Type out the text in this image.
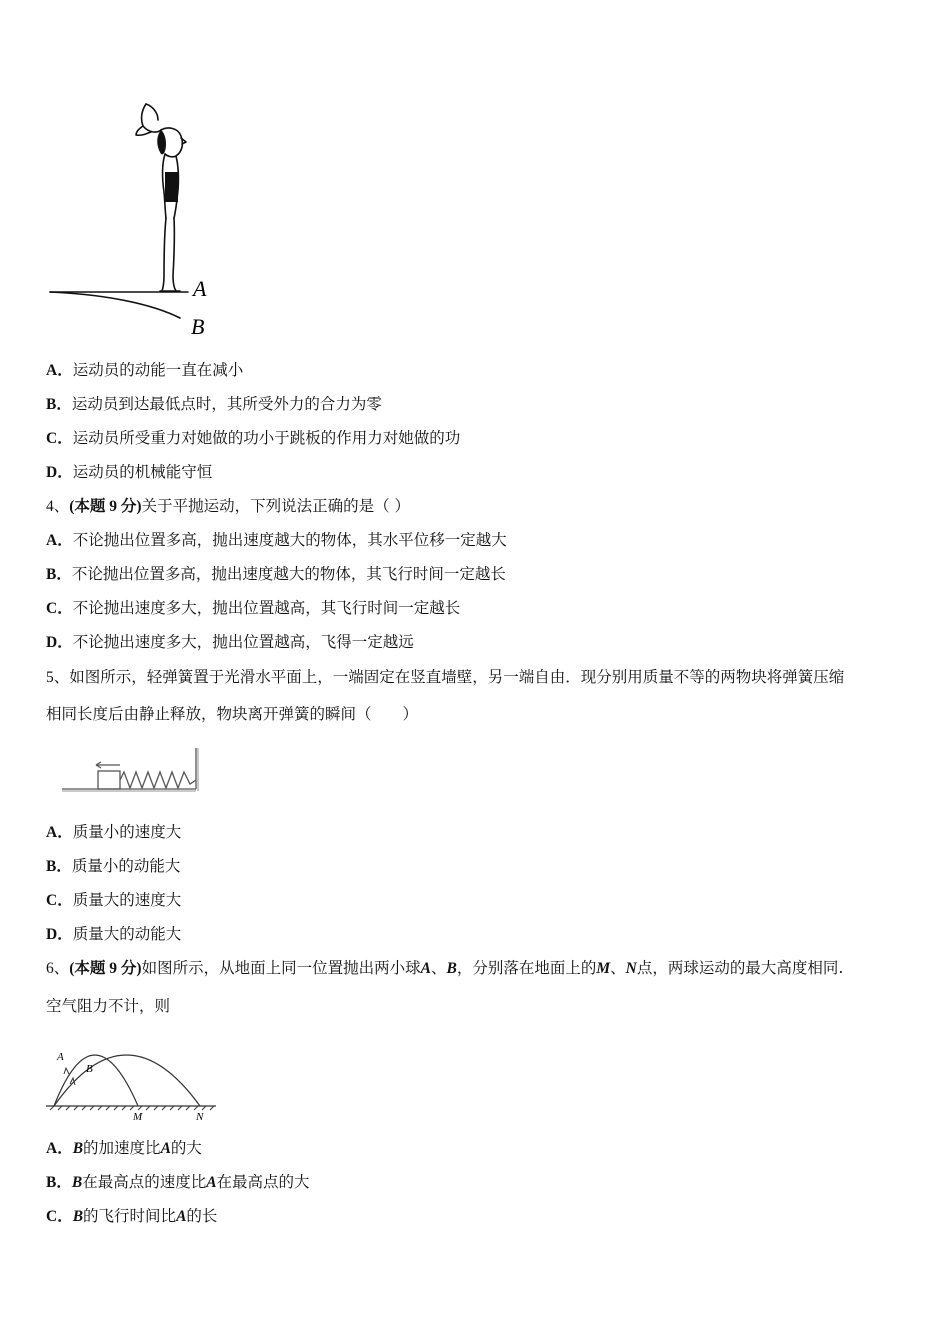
A
B

A．运动员的动能一直在减小

B．运动员到达最低点时，其所受外力的合力为零

C．运动员所受重力对她做的功小于跳板的作用力对她做的功

D．运动员的机械能守恒

4、(本题 9 分)关于平抛运动，下列说法正确的是（ ）

A．不论抛出位置多高，抛出速度越大的物体，其水平位移一定越大

B．不论抛出位置多高，抛出速度越大的物体，其飞行时间一定越长

C．不论抛出速度多大，抛出位置越高，其飞行时间一定越长

D．不论抛出速度多大，抛出位置越高，飞得一定越远

5、如图所示，轻弹簧置于光滑水平面上，一端固定在竖直墙壁，另一端自由．现分别用质量不等的两物块将弹簧压缩

相同长度后由静止释放，物块离开弹簧的瞬间（　　）

A．质量小的速度大

B．质量小的动能大

C．质量大的速度大

D．质量大的动能大

6、(本题 9 分)如图所示，从地面上同一位置抛出两小球A、B，分别落在地面上的M、N点，两球运动的最大高度相同.

空气阻力不计，则

A
B
M	N

A．B的加速度比A的大

B．B在最高点的速度比A在最高点的大

C．B的飞行时间比A的长
